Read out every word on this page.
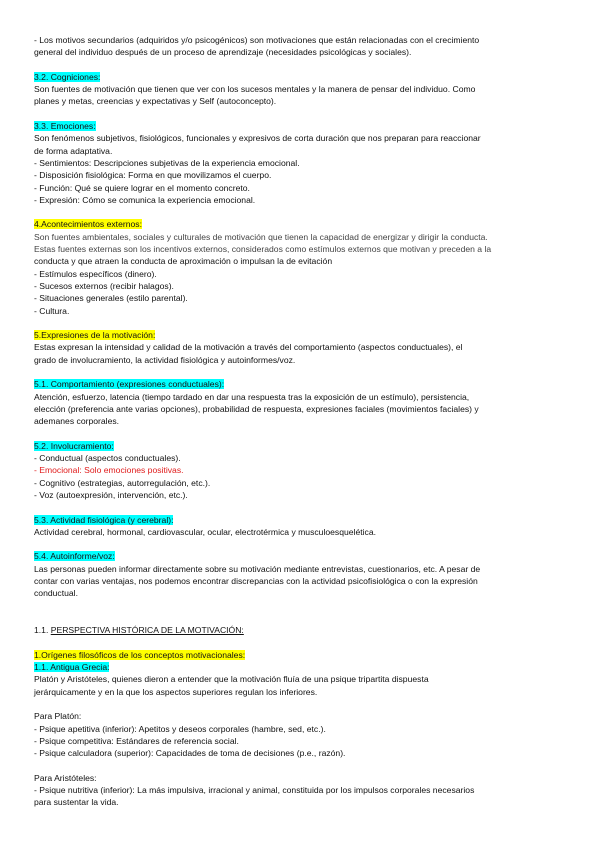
- Los motivos secundarios (adquiridos y/o psicogénicos) son motivaciones que están relacionadas con el crecimiento

general del individuo después de un proceso de aprendizaje (necesidades psicológicas y sociales).

3.2. Cogniciones:

Son fuentes de motivación que tienen que ver con los sucesos mentales y la manera de pensar del individuo. Como

planes y metas, creencias y expectativas y Self (autoconcepto).

3.3. Emociones:

Son fenómenos subjetivos, fisiológicos, funcionales y expresivos de corta duración que nos preparan para reaccionar

de forma adaptativa.

- Sentimientos: Descripciones subjetivas de la experiencia emocional.

- Disposición fisiológica: Forma en que movilizamos el cuerpo.

- Función: Qué se quiere lograr en el momento concreto.

- Expresión: Cómo se comunica la experiencia emocional.

4.Acontecimientos externos:

Son fuentes ambientales, sociales y culturales de motivación que tienen la capacidad de energizar y dirigir la conducta.

Estas fuentes externas son los incentivos externos, considerados como estímulos externos que motivan y preceden a la

conducta y que atraen la conducta de aproximación o impulsan la de evitación

- Estímulos específicos (dinero).

- Sucesos externos (recibir halagos).

- Situaciones generales (estilo parental).

- Cultura.

5.Expresiones de la motivación:

Estas expresan la intensidad y calidad de la motivación a través del comportamiento (aspectos conductuales), el

grado de involucramiento, la actividad fisiológica y autoinformes/voz.

5.1. Comportamiento (expresiones conductuales):

Atención, esfuerzo, latencia (tiempo tardado en dar una respuesta tras la exposición de un estímulo), persistencia,

elección (preferencia ante varias opciones), probabilidad de respuesta, expresiones faciales (movimientos faciales) y

ademanes corporales.

5.2. Involucramiento:

- Conductual (aspectos conductuales).

- Emocional: Solo emociones positivas.

- Cognitivo (estrategias, autorregulación, etc.).

- Voz (autoexpresión, intervención, etc.).

5.3. Actividad fisiológica (y cerebral):

Actividad cerebral, hormonal, cardiovascular, ocular, electrotérmica y musculoesquelética.

5.4. Autoinforme/voz:

Las personas pueden informar directamente sobre su motivación mediante entrevistas, cuestionarios, etc. A pesar de

contar con varias ventajas, nos podemos encontrar discrepancias con la actividad psicofisiológica o con la expresión

conductual.

1.1. PERSPECTIVA HISTÓRICA DE LA MOTIVACIÓN:

1.Orígenes filosóficos de los conceptos motivacionales:

1.1. Antigua Grecia:

Platón y Aristóteles, quienes dieron a entender que la motivación fluía de una psique tripartita dispuesta

jerárquicamente y en la que los aspectos superiores regulan los inferiores.

Para Platón:

- Psique apetitiva (inferior): Apetitos y deseos corporales (hambre, sed, etc.).

- Psique competitiva: Estándares de referencia social.

- Psique calculadora (superior): Capacidades de toma de decisiones (p.e., razón).

Para Aristóteles:

- Psique nutritiva (inferior): La más impulsiva, irracional y animal, constituida por los impulsos corporales necesarios

para sustentar la vida.
